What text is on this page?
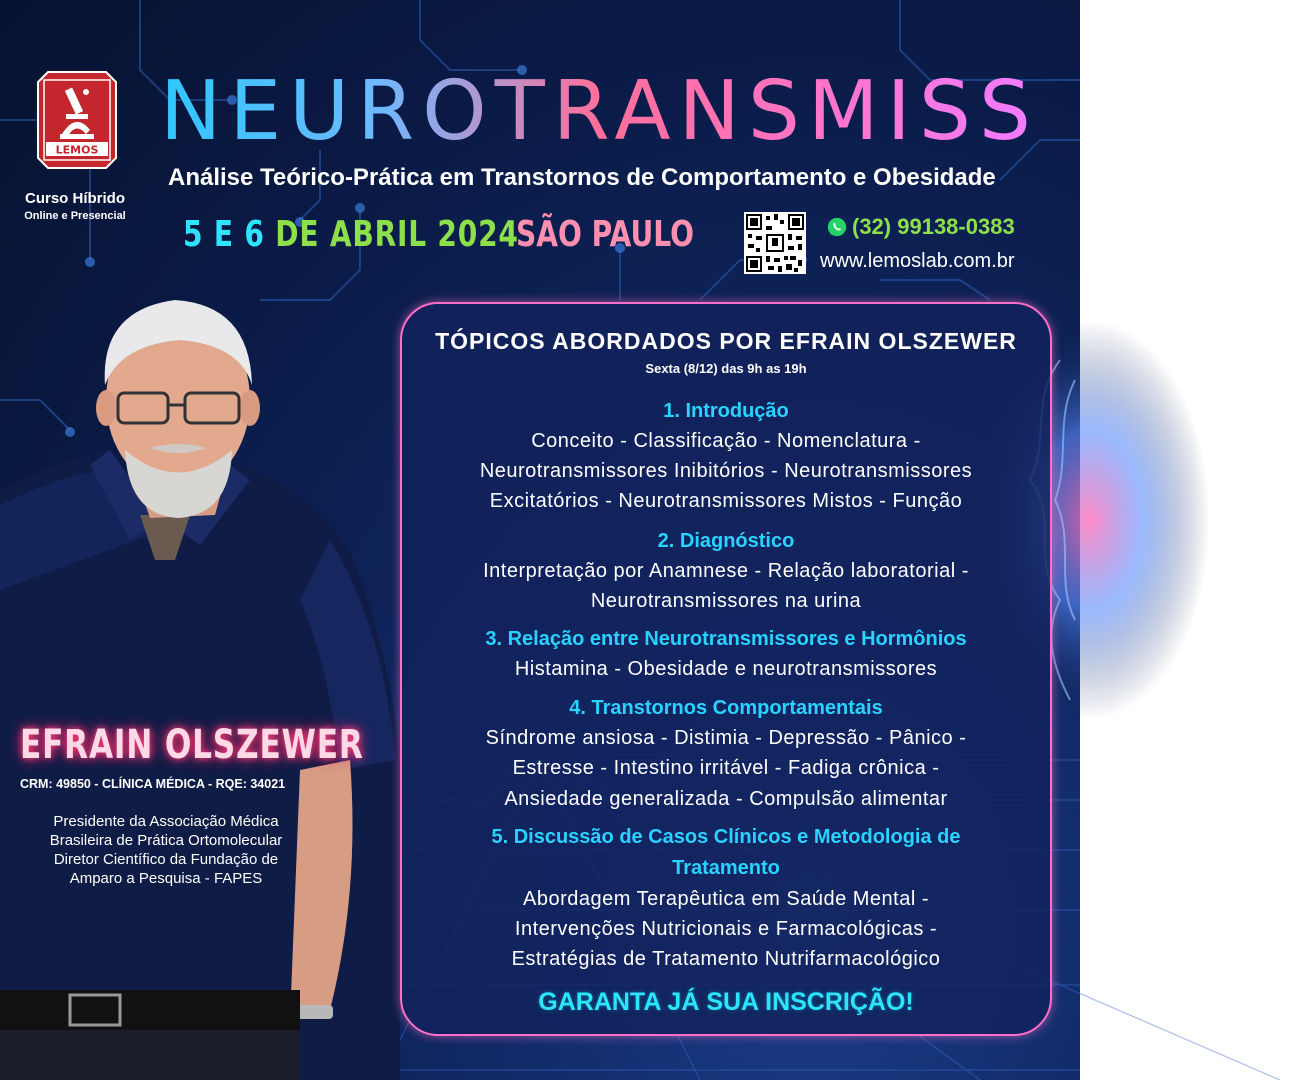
LEMOS
Curso Híbrido
Online e Presencial
NEUROTRANSMISSORES
Análise Teórico-Prática em Transtornos de Comportamento e Obesidade
5 E 6 DE ABRIL 2024
SÃO PAULO	(32) 99138-0383
www.lemoslab.com.br
EFRAIN OLSZEWER
CRM: 49850 - CLÍNICA MÉDICA - RQE: 34021
Presidente da Associação Médica
Brasileira de Prática Ortomolecular
Diretor Científico da Fundação de
Amparo a Pesquisa - FAPES
TÓPICOS ABORDADOS POR EFRAIN OLSZEWER
Sexta (8/12) das 9h as 19h
1. Introdução
Conceito - Classificação - Nomenclatura -
Neurotransmissores Inibitórios - Neurotransmissores
Excitatórios - Neurotransmissores Mistos - Função
2. Diagnóstico
Interpretação por Anamnese - Relação laboratorial -
Neurotransmissores na urina
3. Relação entre Neurotransmissores e Hormônios
Histamina - Obesidade e neurotransmissores
4. Transtornos Comportamentais
Síndrome ansiosa - Distimia - Depressão - Pânico -
Estresse - Intestino irritável - Fadiga crônica -
Ansiedade generalizada - Compulsão alimentar
5. Discussão de Casos Clínicos e Metodologia de
Tratamento
Abordagem Terapêutica em Saúde Mental -
Intervenções Nutricionais e Farmacológicas -
Estratégias de Tratamento Nutrifarmacológico
GARANTA JÁ SUA INSCRIÇÃO!
